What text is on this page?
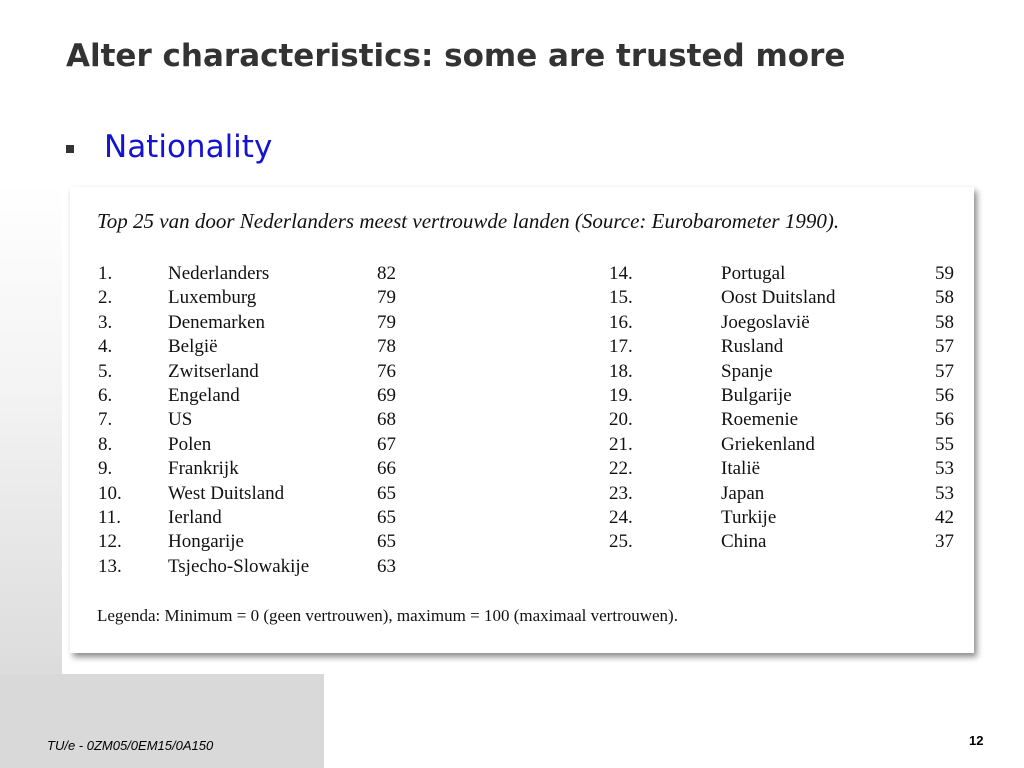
Alter characteristics: some are trusted more
Nationality
Top 25 van door Nederlanders meest vertrouwde landen (Source: Eurobarometer 1990).
1.	Nederlanders	82
2.	Luxemburg	79
3.	Denemarken	79
4.	België	78
5.	Zwitserland	76
6.	Engeland	69
7.	US	68
8.	Polen	67
9.	Frankrijk	66
10. West Duitsland	65
11. Ierland	65
12. Hongarije	65
13. Tsjecho-Slowakije	63
14.	Portugal	59
15.	Oost Duitsland	58
16.	Joegoslavië	58
17.	Rusland	57
18.	Spanje	57
19.	Bulgarije	56
20.	Roemenie	56
21.	Griekenland	55
22.	Italië	53
23.	Japan	53
24.	Turkije	42
25.	China	37
Legenda: Minimum = 0 (geen vertrouwen), maximum = 100 (maximaal vertrouwen).
TU/e - 0ZM05/0EM15/0A150	12
